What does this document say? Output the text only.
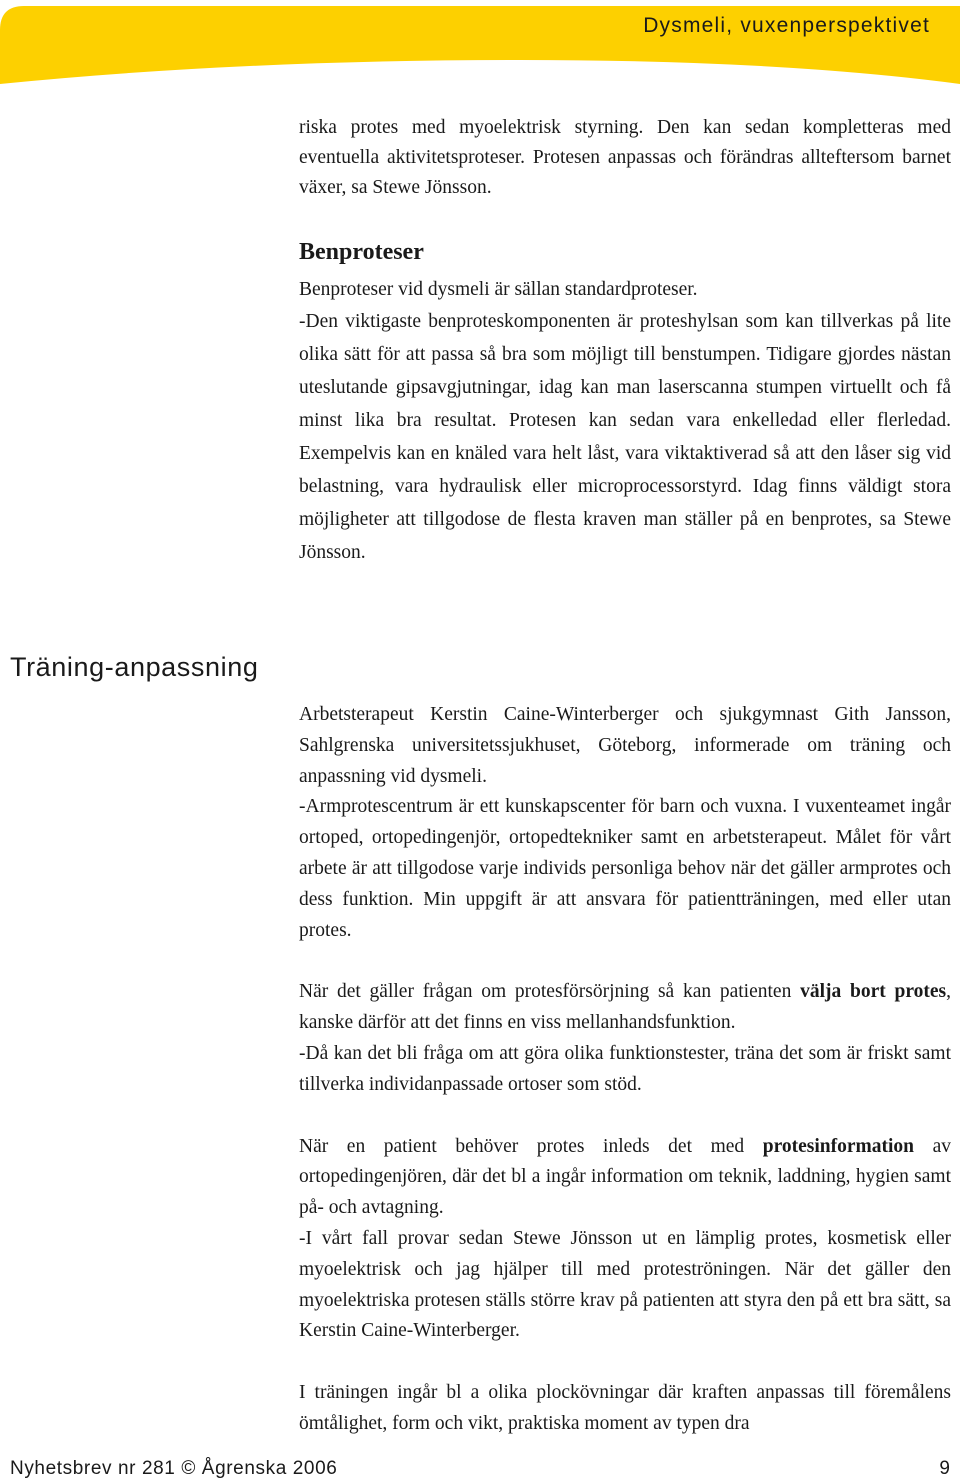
Dysmeli, vuxenperspektivet

riska protes med myoelektrisk styrning. Den kan sedan kompletteras med eventuella aktivitetsproteser. Protesen anpassas och förändras allteftersom barnet växer, sa Stewe Jönsson.

Benproteser

Benproteser vid dysmeli är sällan standardproteser.

-Den viktigaste benproteskomponenten är proteshylsan som kan tillverkas på lite olika sätt för att passa så bra som möjligt till benstumpen. Tidigare gjordes nästan uteslutande gipsavgjutningar, idag kan man laserscanna stumpen virtuellt och få minst lika bra resultat. Protesen kan sedan vara enkelledad eller flerledad. Exempelvis kan en knäled vara helt låst, vara viktaktiverad så att den låser sig vid belastning, vara hydraulisk eller microprocessorstyrd. Idag finns väldigt stora möjligheter att tillgodose de flesta kraven man ställer på en benprotes, sa Stewe Jönsson.

Träning-anpassning

Arbetsterapeut Kerstin Caine-Winterberger och sjukgymnast Gith Jansson, Sahlgrenska universitetssjukhuset, Göteborg, informerade om träning och anpassning vid dysmeli.

-Armprotescentrum är ett kunskapscenter för barn och vuxna. I vuxenteamet ingår ortoped, ortopedingenjör, ortopedtekniker samt en arbetsterapeut. Målet för vårt arbete är att tillgodose varje individs personliga behov när det gäller armprotes och dess funktion. Min uppgift är att ansvara för patientträningen, med eller utan protes.

När det gäller frågan om protesförsörjning så kan patienten välja bort protes, kanske därför att det finns en viss mellanhandsfunktion.

-Då kan det bli fråga om att göra olika funktionstester, träna det som är friskt samt tillverka individanpassade ortoser som stöd.

När en patient behöver protes inleds det med protesinformation av ortopedingenjören, där det bl a ingår information om teknik, laddning, hygien samt på- och avtagning.

-I vårt fall provar sedan Stewe Jönsson ut en lämplig protes, kosmetisk eller myoelektrisk och jag hjälper till med proteströningen. När det gäller den myoelektriska protesen ställs större krav på patienten att styra den på ett bra sätt, sa Kerstin Caine-Winterberger.

I träningen ingår bl a olika plockövningar där kraften anpassas till föremålens ömtålighet, form och vikt, praktiska moment av typen dra

Nyhetsbrev nr 281 © Ågrenska 2006	9
